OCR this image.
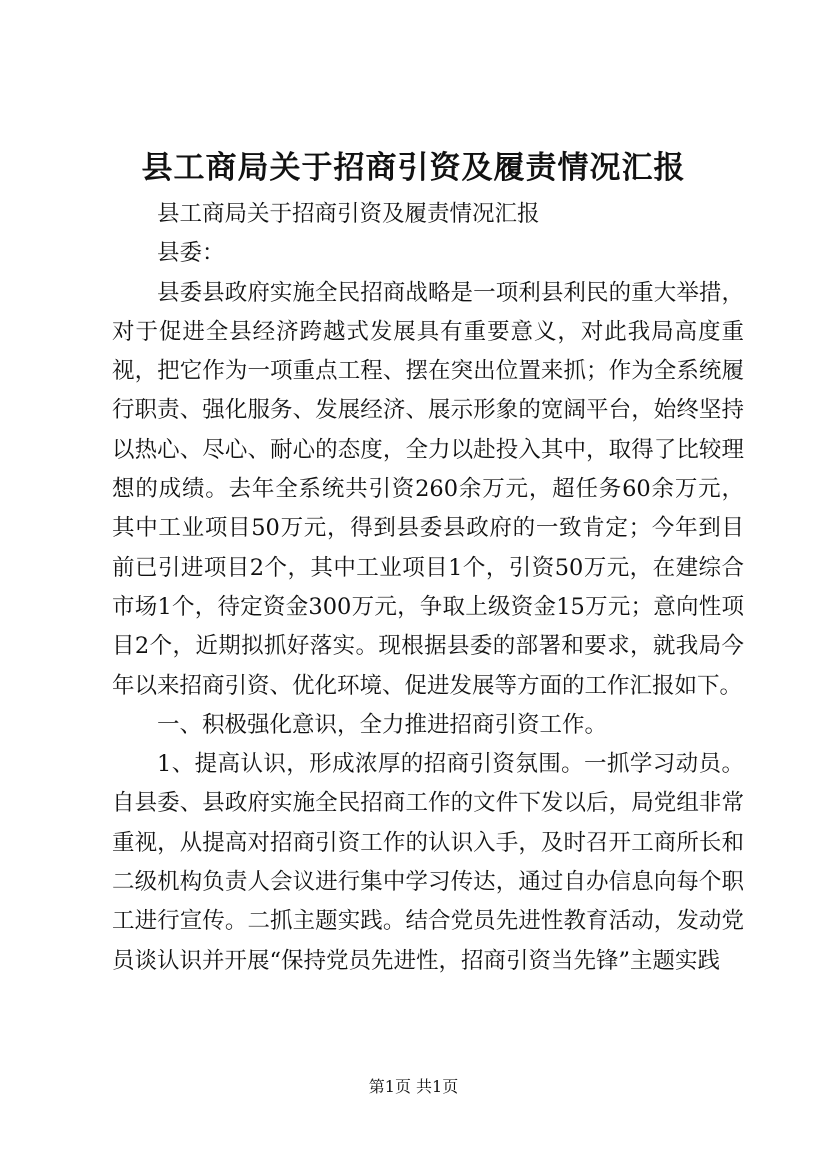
县工商局关于招商引资及履责情况汇报

县工商局关于招商引资及履责情况汇报

县委：

县委县政府实施全民招商战略是一项利县利民的重大举措，对于促进全县经济跨越式发展具有重要意义，对此我局高度重视，把它作为一项重点工程、摆在突出位置来抓；作为全系统履行职责、强化服务、发展经济、展示形象的宽阔平台，始终坚持以热心、尽心、耐心的态度，全力以赴投入其中，取得了比较理想的成绩。去年全系统共引资260余万元，超任务60余万元，其中工业项目50万元，得到县委县政府的一致肯定；今年到目前已引进项目2个，其中工业项目1个，引资50万元，在建综合市场1个，待定资金300万元，争取上级资金15万元；意向性项目2个，近期拟抓好落实。现根据县委的部署和要求，就我局今年以来招商引资、优化环境、促进发展等方面的工作汇报如下。

一、积极强化意识，全力推进招商引资工作。

1、提高认识，形成浓厚的招商引资氛围。一抓学习动员。自县委、县政府实施全民招商工作的文件下发以后，局党组非常重视，从提高对招商引资工作的认识入手，及时召开工商所长和二级机构负责人会议进行集中学习传达，通过自办信息向每个职工进行宣传。二抓主题实践。结合党员先进性教育活动，发动党员谈认识并开展“保持党员先进性，招商引资当先锋”主题实践

第1页 共1页
